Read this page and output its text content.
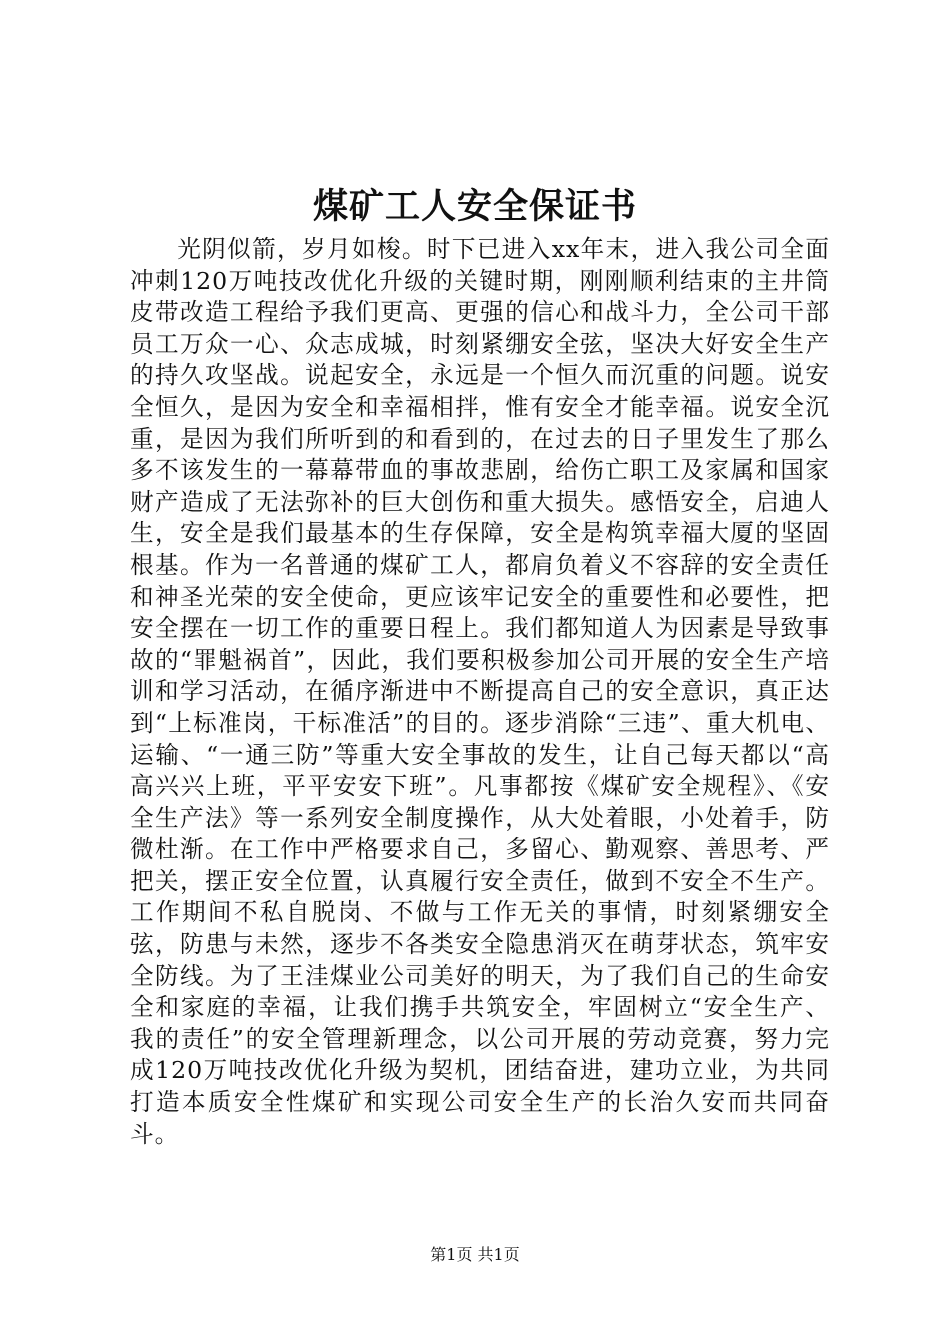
煤矿工人安全保证书

光阴似箭，岁月如梭。时下已进入xx年末，进入我公司全面冲刺120万吨技改优化升级的关键时期，刚刚顺利结束的主井筒皮带改造工程给予我们更高、更强的信心和战斗力，全公司干部员工万众一心、众志成城，时刻紧绷安全弦，坚决大好安全生产的持久攻坚战。说起安全，永远是一个恒久而沉重的问题。说安全恒久，是因为安全和幸福相拌，惟有安全才能幸福。说安全沉重，是因为我们所听到的和看到的，在过去的日子里发生了那么多不该发生的一幕幕带血的事故悲剧，给伤亡职工及家属和国家财产造成了无法弥补的巨大创伤和重大损失。感悟安全，启迪人生，安全是我们最基本的生存保障，安全是构筑幸福大厦的坚固根基。作为一名普通的煤矿工人，都肩负着义不容辞的安全责任和神圣光荣的安全使命，更应该牢记安全的重要性和必要性，把安全摆在一切工作的重要日程上。我们都知道人为因素是导致事故的“罪魁祸首”，因此，我们要积极参加公司开展的安全生产培训和学习活动，在循序渐进中不断提高自己的安全意识，真正达到“上标准岗，干标准活”的目的。逐步消除“三违”、重大机电、运输、“一通三防”等重大安全事故的发生，让自己每天都以“高高兴兴上班，平平安安下班”。凡事都按《煤矿安全规程》、《安全生产法》等一系列安全制度操作，从大处着眼，小处着手，防微杜渐。在工作中严格要求自己，多留心、勤观察、善思考、严把关，摆正安全位置，认真履行安全责任，做到不安全不生产。工作期间不私自脱岗、不做与工作无关的事情，时刻紧绷安全弦，防患与未然，逐步不各类安全隐患消灭在萌芽状态，筑牢安全防线。为了王洼煤业公司美好的明天，为了我们自己的生命安全和家庭的幸福，让我们携手共筑安全，牢固树立“安全生产、我的责任”的安全管理新理念，以公司开展的劳动竞赛，努力完成120万吨技改优化升级为契机，团结奋进，建功立业，为共同打造本质安全性煤矿和实现公司安全生产的长治久安而共同奋斗。

第1页 共1页
